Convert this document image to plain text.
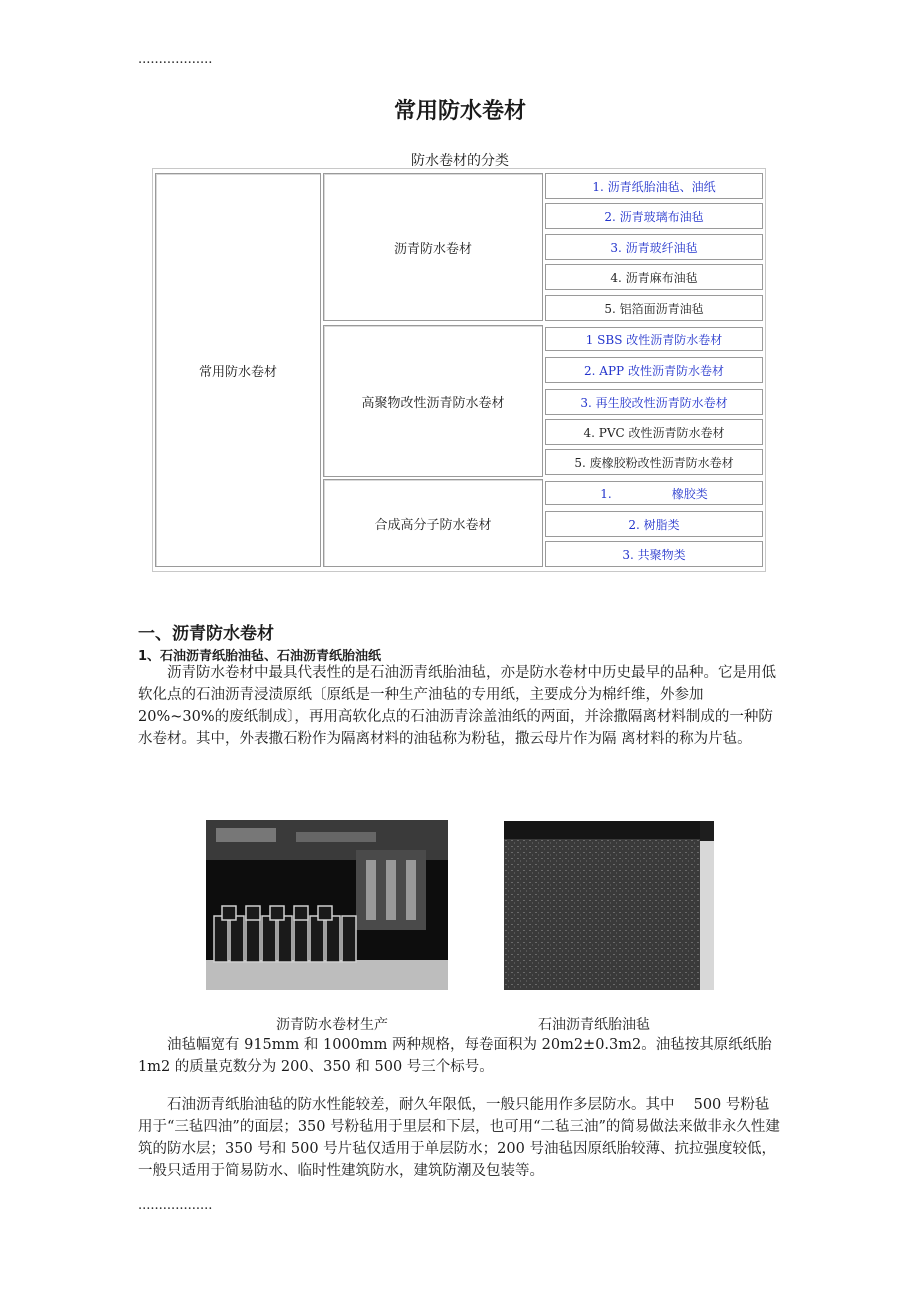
..................
常用防水卷材
防水卷材的分类
常用防水卷材
沥青防水卷材
高聚物改性沥青防水卷材
合成高分子防水卷材
1. 沥青纸胎油毡、油纸
2. 沥青玻璃布油毡
3. 沥青玻纤油毡
4. 沥青麻布油毡
5. 铝箔面沥青油毡
1 SBS 改性沥青防水卷材
2. APP 改性沥青防水卷材
3. 再生胶改性沥青防水卷材
4. PVC 改性沥青防水卷材
5. 废橡胶粉改性沥青防水卷材
1.　　　　　橡胶类
2. 树脂类
3. 共聚物类
一、沥青防水卷材
1、石油沥青纸胎油毡、石油沥青纸胎油纸

　　沥青防水卷材中最具代表性的是石油沥青纸胎油毡，亦是防水卷材中历史最早的品种。它是用低软化点的石油沥青浸渍原纸〔原纸是一种生产油毡的专用纸，主要成分为棉纤维，外参加 20%~30%的废纸制成〕，再用高软化点的石油沥青涂盖油纸的两面，并涂撒隔离材料制成的一种防水卷材。其中，外表撒石粉作为隔离材料的油毡称为粉毡，撒云母片作为隔 离材料的称为片毡。

沥青防水卷材生产	石油沥青纸胎油毡

　　油毡幅宽有 915mm 和 1000mm 两种规格，每卷面积为 20m2±0.3m2。油毡按其原纸纸胎 1m2 的质量克数分为 200、350 和 500 号三个标号。

　　石油沥青纸胎油毡的防水性能较差，耐久年限低，一般只能用作多层防水。其中　 500 号粉毡用于“三毡四油”的面层；350 号粉毡用于里层和下层，也可用“二毡三油”的简易做法来做非永久性建筑的防水层；350 号和 500 号片毡仅适用于单层防水；200 号油毡因原纸胎较薄、抗拉强度较低，一般只适用于简易防水、临时性建筑防水，建筑防潮及包装等。

..................
